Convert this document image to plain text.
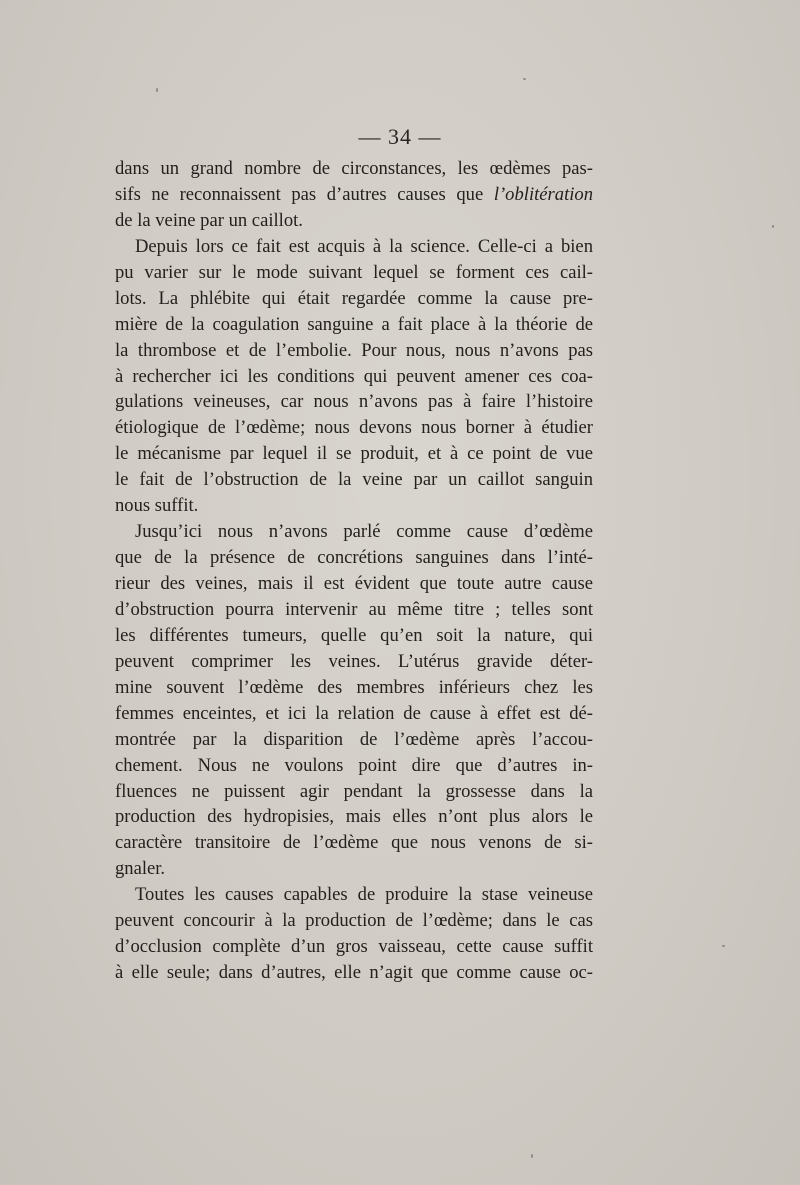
— 34 —
dans un grand nombre de circonstances, les œdèmes pas-
sifs ne reconnaissent pas d’autres causes que l’oblitération
de la veine par un caillot.
Depuis lors ce fait est acquis à la science. Celle-ci a bien
pu varier sur le mode suivant lequel se forment ces cail-
lots. La phlébite qui était regardée comme la cause pre-
mière de la coagulation sanguine a fait place à la théorie de
la thrombose et de l’embolie. Pour nous, nous n’avons pas
à rechercher ici les conditions qui peuvent amener ces coa-
gulations veineuses, car nous n’avons pas à faire l’histoire
étiologique de l’œdème; nous devons nous borner à étudier
le mécanisme par lequel il se produit, et à ce point de vue
le fait de l’obstruction de la veine par un caillot sanguin
nous suffit.
Jusqu’ici nous n’avons parlé comme cause d’œdème
que de la présence de concrétions sanguines dans l’inté-
rieur des veines, mais il est évident que toute autre cause
d’obstruction pourra intervenir au même titre ; telles sont
les différentes tumeurs, quelle qu’en soit la nature, qui
peuvent comprimer les veines. L’utérus gravide déter-
mine souvent l’œdème des membres inférieurs chez les
femmes enceintes, et ici la relation de cause à effet est dé-
montrée par la disparition de l’œdème après l’accou-
chement. Nous ne voulons point dire que d’autres in-
fluences ne puissent agir pendant la grossesse dans la
production des hydropisies, mais elles n’ont plus alors le
caractère transitoire de l’œdème que nous venons de si-
gnaler.
Toutes les causes capables de produire la stase veineuse
peuvent concourir à la production de l’œdème; dans le cas
d’occlusion complète d’un gros vaisseau, cette cause suffit
à elle seule; dans d’autres, elle n’agit que comme cause oc-
